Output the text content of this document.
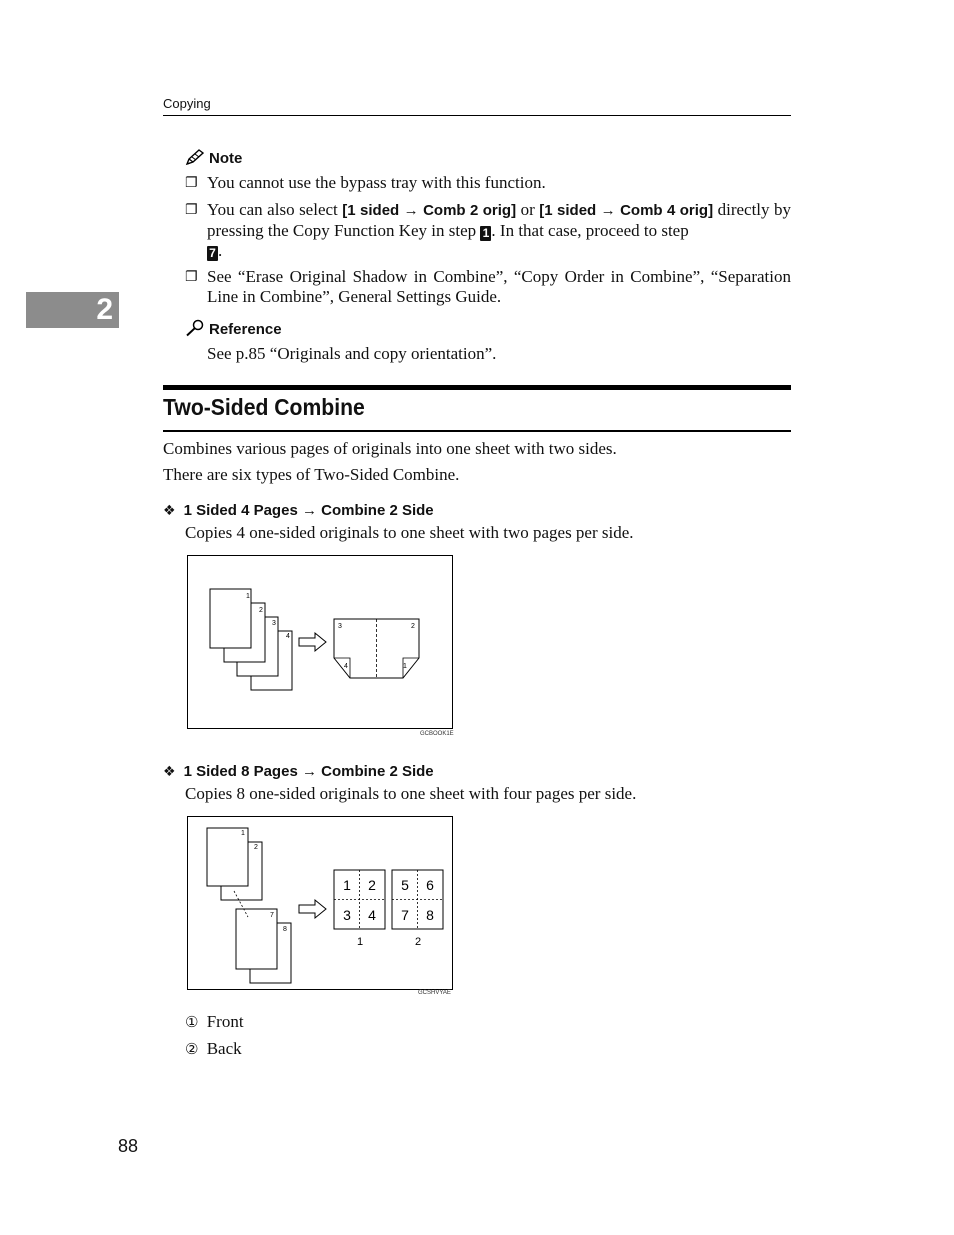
Copying
2
Note
❐ You cannot use the bypass tray with this function.
❐ You can also select [1 sided → Comb 2 orig] or [1 sided → Comb 4 orig] directly by pressing the Copy Function Key in step 1 . In that case, proceed to step
7 .
❐ See “Erase Original Shadow in Combine”, “Copy Order in Combine”, “Separation Line in Combine”, General Settings Guide.
Reference
See p.85 “Originals and copy orientation”.
Two-Sided Combine
Combines various pages of originals into one sheet with two sides.
There are six types of Two-Sided Combine.
❖ 1 Sided 4 Pages → Combine 2 Side
Copies 4 one-sided originals to one sheet with two pages per side.
1
2
3
4
3	2
4	1
GCBOOK1E
❖ 1 Sided 8 Pages → Combine 2 Side
Copies 8 one-sided originals to one sheet with four pages per side.
1
2
7
8
1 2
3 4
5 6
7 8
1	2
GCSHVYAE
① Front
② Back
88
